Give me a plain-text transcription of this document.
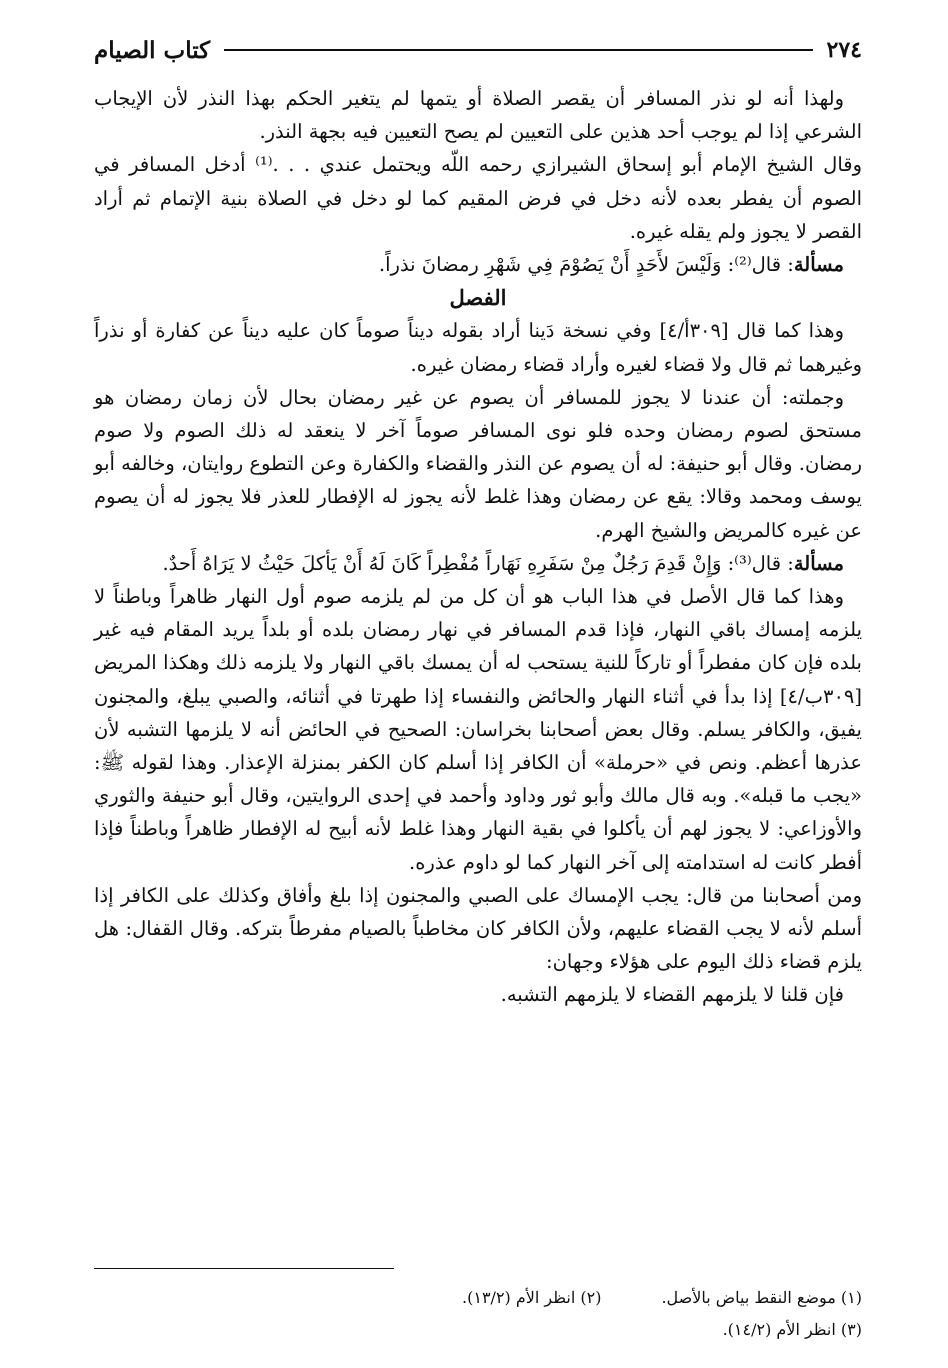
٢٧٤
كتاب الصيام

ولهذا أنه لو نذر المسافر أن يقصر الصلاة أو يتمها لم يتغير الحكم بهذا النذر لأن الإيجاب الشرعي إذا لم يوجب أحد هذين على التعيين لم يصح التعيين فيه بجهة النذر.

وقال الشيخ الإمام أبو إسحاق الشيرازي رحمه اللّه ويحتمل عندي . . .⁽¹⁾ أدخل المسافر في الصوم أن يفطر بعده لأنه دخل في فرض المقيم كما لو دخل في الصلاة بنية الإتمام ثم أراد القصر لا يجوز ولم يقله غيره.

مسألة: قال⁽²⁾: وَلَيْسَ لأَحَدٍ أَنْ يَصُوْمَ فِي شَهْرِ رمضانَ نذراً.

الفصل

وهذا كما قال [٣٠٩أ/٤] وفي نسخة دَينا أراد بقوله ديناً صوماً كان عليه ديناً عن كفارة أو نذراً وغيرهما ثم قال ولا قضاء لغيره وأراد قضاء رمضان غيره.

وجملته: أن عندنا لا يجوز للمسافر أن يصوم عن غير رمضان بحال لأن زمان رمضان هو مستحق لصوم رمضان وحده فلو نوى المسافر صوماً آخر لا ينعقد له ذلك الصوم ولا صوم رمضان. وقال أبو حنيفة: له أن يصوم عن النذر والقضاء والكفارة وعن التطوع روايتان، وخالفه أبو يوسف ومحمد وقالا: يقع عن رمضان وهذا غلط لأنه يجوز له الإفطار للعذر فلا يجوز له أن يصوم عن غيره كالمريض والشيخ الهرم.

مسألة: قال⁽³⁾: وَإِنْ قَدِمَ رَجُلٌ مِنْ سَفَرِهِ نَهَاراً مُفْطِراً كَانَ لَهُ أَنْ يَأكلَ حَيْثُ لا يَرَاهُ أَحدٌ.

وهذا كما قال الأصل في هذا الباب هو أن كل من لم يلزمه صوم أول النهار ظاهراً وباطناً لا يلزمه إمساك باقي النهار، فإذا قدم المسافر في نهار رمضان بلده أو بلداً يريد المقام فيه غير بلده فإن كان مفطراً أو تاركاً للنية يستحب له أن يمسك باقي النهار ولا يلزمه ذلك وهكذا المريض [٣٠٩ب/٤] إذا بدأ في أثناء النهار والحائض والنفساء إذا طهرتا في أثنائه، والصبي يبلغ، والمجنون يفيق، والكافر يسلم. وقال بعض أصحابنا بخراسان: الصحيح في الحائض أنه لا يلزمها التشبه لأن عذرها أعظم. ونص في «حرملة» أن الكافر إذا أسلم كان الكفر بمنزلة الإعذار. وهذا لقوله ﷺ: «يجب ما قبله». وبه قال مالك وأبو ثور وداود وأحمد في إحدى الروايتين، وقال أبو حنيفة والثوري والأوزاعي: لا يجوز لهم أن يأكلوا في بقية النهار وهذا غلط لأنه أبيح له الإفطار ظاهراً وباطناً فإذا أفطر كانت له استدامته إلى آخر النهار كما لو داوم عذره.

ومن أصحابنا من قال: يجب الإمساك على الصبي والمجنون إذا بلغ وأفاق وكذلك على الكافر إذا أسلم لأنه لا يجب القضاء عليهم، ولأن الكافر كان مخاطباً بالصيام مفرطاً بتركه. وقال القفال: هل يلزم قضاء ذلك اليوم على هؤلاء وجهان:

فإن قلنا لا يلزمهم القضاء لا يلزمهم التشبه.

(١) موضع النقط بياض بالأصل.
(٢) انظر الأم (١٣/٢).
(٣) انظر الأم (١٤/٢).
